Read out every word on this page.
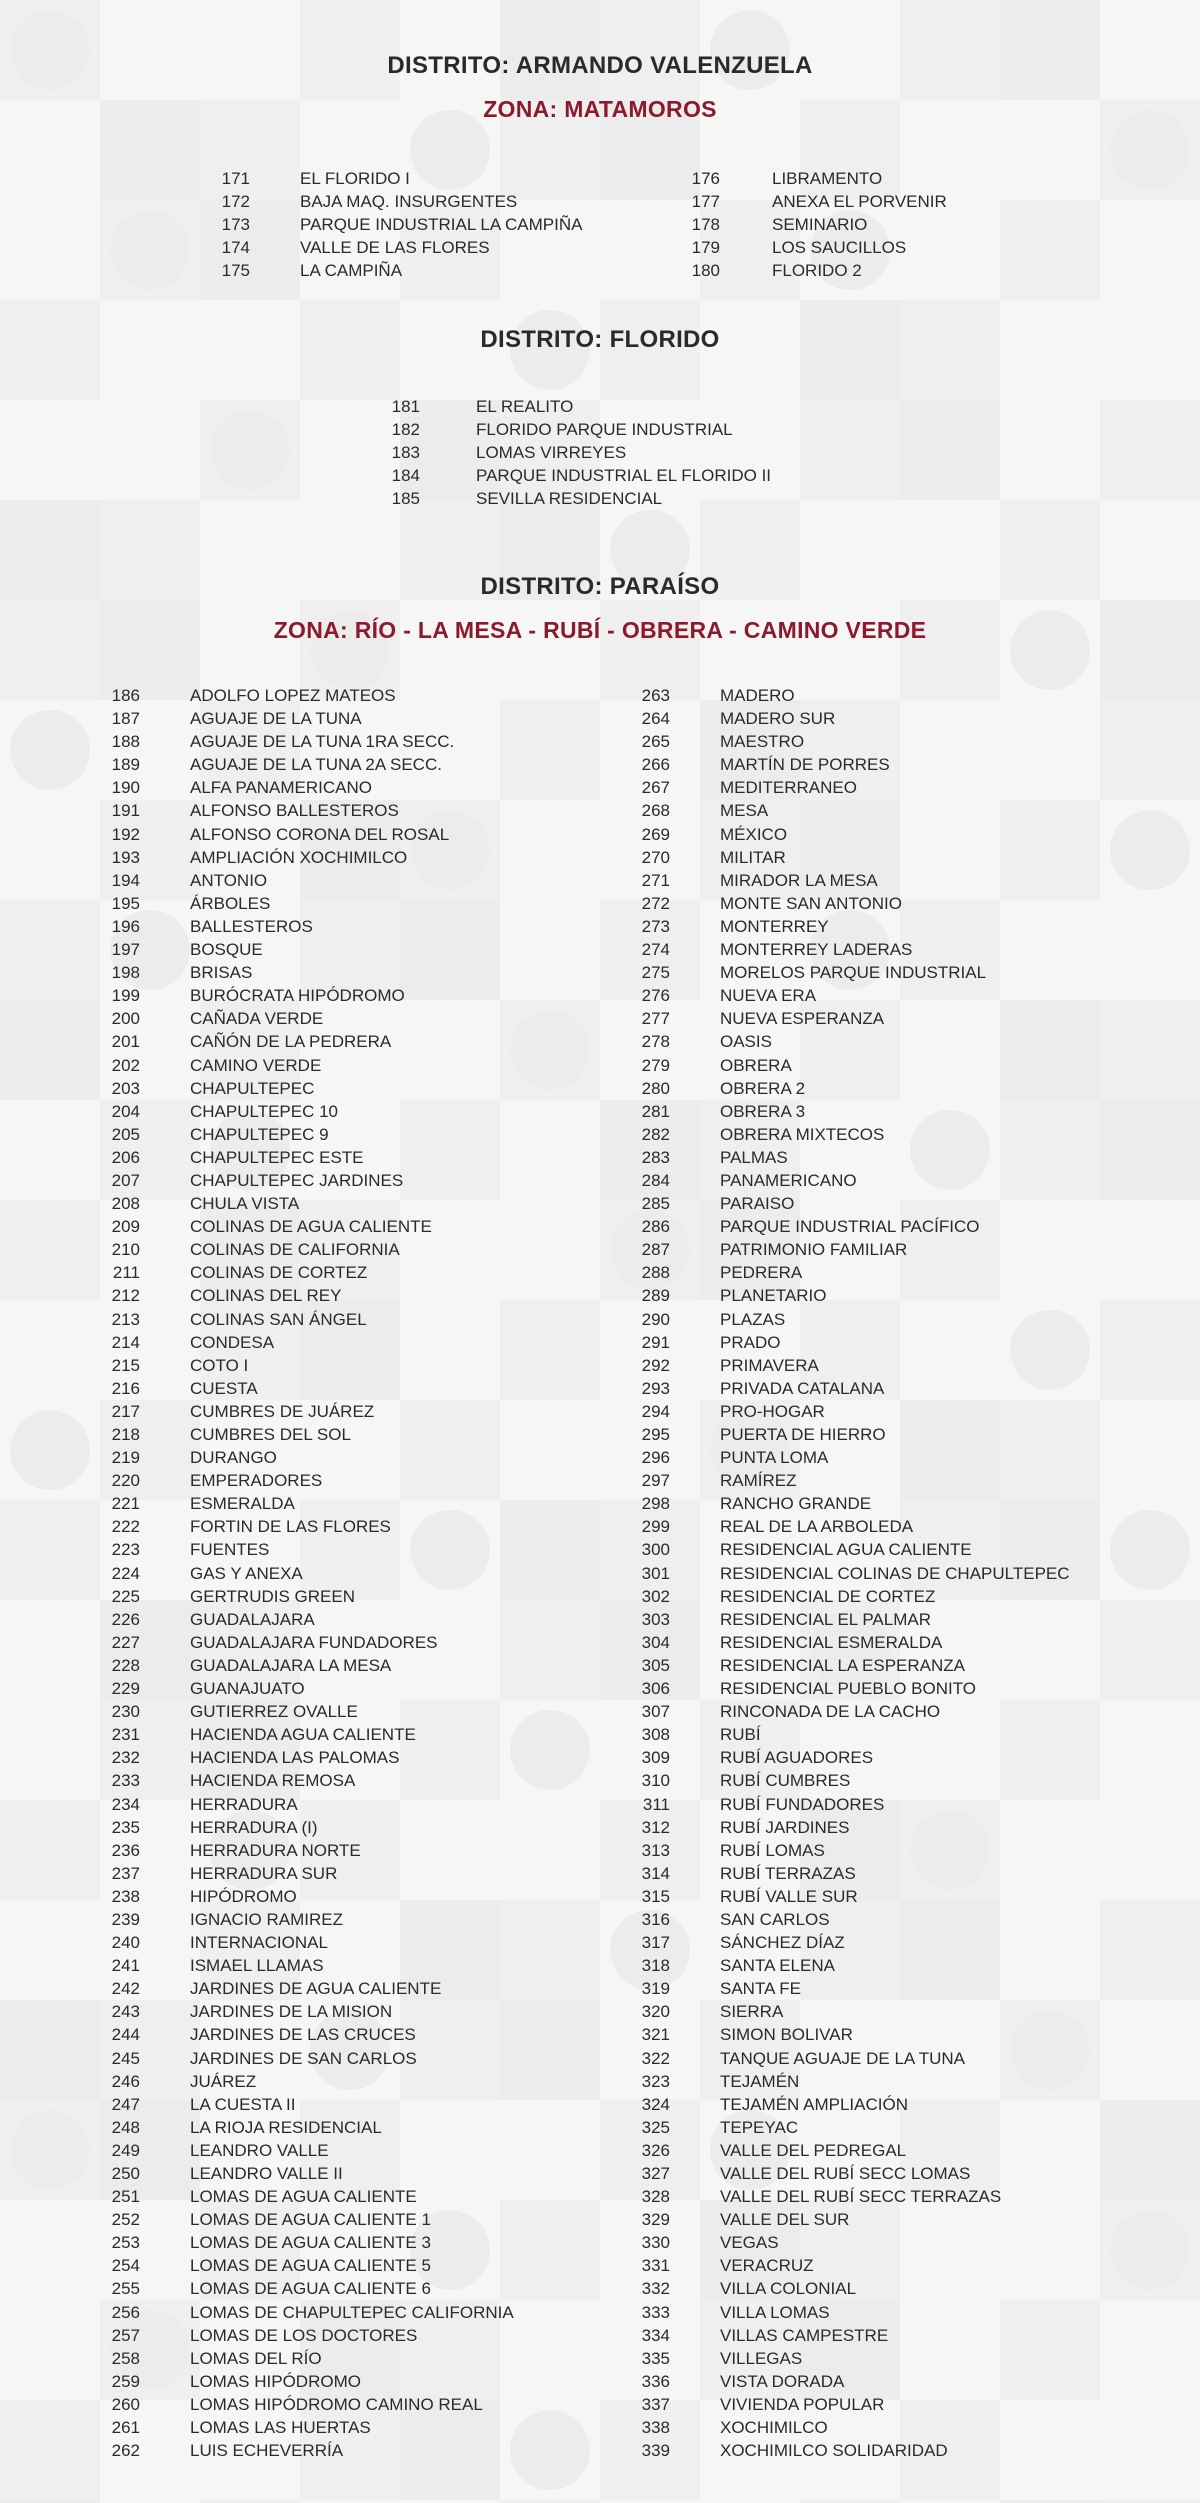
DISTRITO: ARMANDO VALENZUELA
ZONA: MATAMOROS
171	EL FLORIDO I
172	BAJA MAQ. INSURGENTES
173	PARQUE INDUSTRIAL LA CAMPIÑA
174	VALLE DE LAS FLORES
175	LA CAMPIÑA
176	LIBRAMENTO
177	ANEXA EL PORVENIR
178	SEMINARIO
179	LOS SAUCILLOS
180	FLORIDO 2
DISTRITO: FLORIDO
181	EL REALITO
182	FLORIDO PARQUE INDUSTRIAL
183	LOMAS VIRREYES
184	PARQUE INDUSTRIAL EL FLORIDO II
185	SEVILLA RESIDENCIAL
DISTRITO: PARAÍSO
ZONA: RÍO - LA MESA - RUBÍ - OBRERA - CAMINO VERDE
186	ADOLFO LOPEZ MATEOS
187	AGUAJE DE LA TUNA
188	AGUAJE DE LA TUNA 1RA SECC.
189	AGUAJE DE LA TUNA 2A SECC.
190	ALFA PANAMERICANO
191	ALFONSO BALLESTEROS
192	ALFONSO CORONA DEL ROSAL
193	AMPLIACIÓN XOCHIMILCO
194	ANTONIO
195	ÁRBOLES
196	BALLESTEROS
197	BOSQUE
198	BRISAS
199	BURÓCRATA HIPÓDROMO
200	CAÑADA VERDE
201	CAÑÓN DE LA PEDRERA
202	CAMINO VERDE
203	CHAPULTEPEC
204	CHAPULTEPEC 10
205	CHAPULTEPEC 9
206	CHAPULTEPEC ESTE
207	CHAPULTEPEC JARDINES
208	CHULA VISTA
209	COLINAS DE AGUA CALIENTE
210	COLINAS DE CALIFORNIA
211	COLINAS DE CORTEZ
212	COLINAS DEL REY
213	COLINAS SAN ÁNGEL
214	CONDESA
215	COTO I
216	CUESTA
217	CUMBRES DE JUÁREZ
218	CUMBRES DEL SOL
219	DURANGO
220	EMPERADORES
221	ESMERALDA
222	FORTIN DE LAS FLORES
223	FUENTES
224	GAS Y ANEXA
225	GERTRUDIS GREEN
226	GUADALAJARA
227	GUADALAJARA FUNDADORES
228	GUADALAJARA LA MESA
229	GUANAJUATO
230	GUTIERREZ OVALLE
231	HACIENDA AGUA CALIENTE
232	HACIENDA LAS PALOMAS
233	HACIENDA REMOSA
234	HERRADURA
235	HERRADURA (I)
236	HERRADURA NORTE
237	HERRADURA SUR
238	HIPÓDROMO
239	IGNACIO RAMIREZ
240	INTERNACIONAL
241	ISMAEL LLAMAS
242	JARDINES DE AGUA CALIENTE
243	JARDINES DE LA MISION
244	JARDINES DE LAS CRUCES
245	JARDINES DE SAN CARLOS
246	JUÁREZ
247	LA CUESTA II
248	LA RIOJA RESIDENCIAL
249	LEANDRO VALLE
250	LEANDRO VALLE II
251	LOMAS DE AGUA CALIENTE
252	LOMAS DE AGUA CALIENTE 1
253	LOMAS DE AGUA CALIENTE 3
254	LOMAS DE AGUA CALIENTE 5
255	LOMAS DE AGUA CALIENTE 6
256	LOMAS DE CHAPULTEPEC CALIFORNIA
257	LOMAS DE LOS DOCTORES
258	LOMAS DEL RÍO
259	LOMAS HIPÓDROMO
260	LOMAS HIPÓDROMO CAMINO REAL
261	LOMAS LAS HUERTAS
262	LUIS ECHEVERRÍA
263	MADERO
264	MADERO SUR
265	MAESTRO
266	MARTÍN DE PORRES
267	MEDITERRANEO
268	MESA
269	MÉXICO
270	MILITAR
271	MIRADOR LA MESA
272	MONTE SAN ANTONIO
273	MONTERREY
274	MONTERREY LADERAS
275	MORELOS PARQUE INDUSTRIAL
276	NUEVA ERA
277	NUEVA ESPERANZA
278	OASIS
279	OBRERA
280	OBRERA 2
281	OBRERA 3
282	OBRERA MIXTECOS
283	PALMAS
284	PANAMERICANO
285	PARAISO
286	PARQUE INDUSTRIAL PACÍFICO
287	PATRIMONIO FAMILIAR
288	PEDRERA
289	PLANETARIO
290	PLAZAS
291	PRADO
292	PRIMAVERA
293	PRIVADA CATALANA
294	PRO-HOGAR
295	PUERTA DE HIERRO
296	PUNTA LOMA
297	RAMÍREZ
298	RANCHO GRANDE
299	REAL DE LA ARBOLEDA
300	RESIDENCIAL AGUA CALIENTE
301	RESIDENCIAL COLINAS DE CHAPULTEPEC
302	RESIDENCIAL DE CORTEZ
303	RESIDENCIAL EL PALMAR
304	RESIDENCIAL ESMERALDA
305	RESIDENCIAL LA ESPERANZA
306	RESIDENCIAL PUEBLO BONITO
307	RINCONADA DE LA CACHO
308	RUBÍ
309	RUBÍ AGUADORES
310	RUBÍ CUMBRES
311	RUBÍ FUNDADORES
312	RUBÍ JARDINES
313	RUBÍ LOMAS
314	RUBÍ TERRAZAS
315	RUBÍ VALLE SUR
316	SAN CARLOS
317	SÁNCHEZ DÍAZ
318	SANTA ELENA
319	SANTA FE
320	SIERRA
321	SIMON BOLIVAR
322	TANQUE AGUAJE DE LA TUNA
323	TEJAMÉN
324	TEJAMÉN AMPLIACIÓN
325	TEPEYAC
326	VALLE DEL PEDREGAL
327	VALLE DEL RUBÍ SECC LOMAS
328	VALLE DEL RUBÍ SECC TERRAZAS
329	VALLE DEL SUR
330	VEGAS
331	VERACRUZ
332	VILLA COLONIAL
333	VILLA LOMAS
334	VILLAS CAMPESTRE
335	VILLEGAS
336	VISTA DORADA
337	VIVIENDA POPULAR
338	XOCHIMILCO
339	XOCHIMILCO SOLIDARIDAD
